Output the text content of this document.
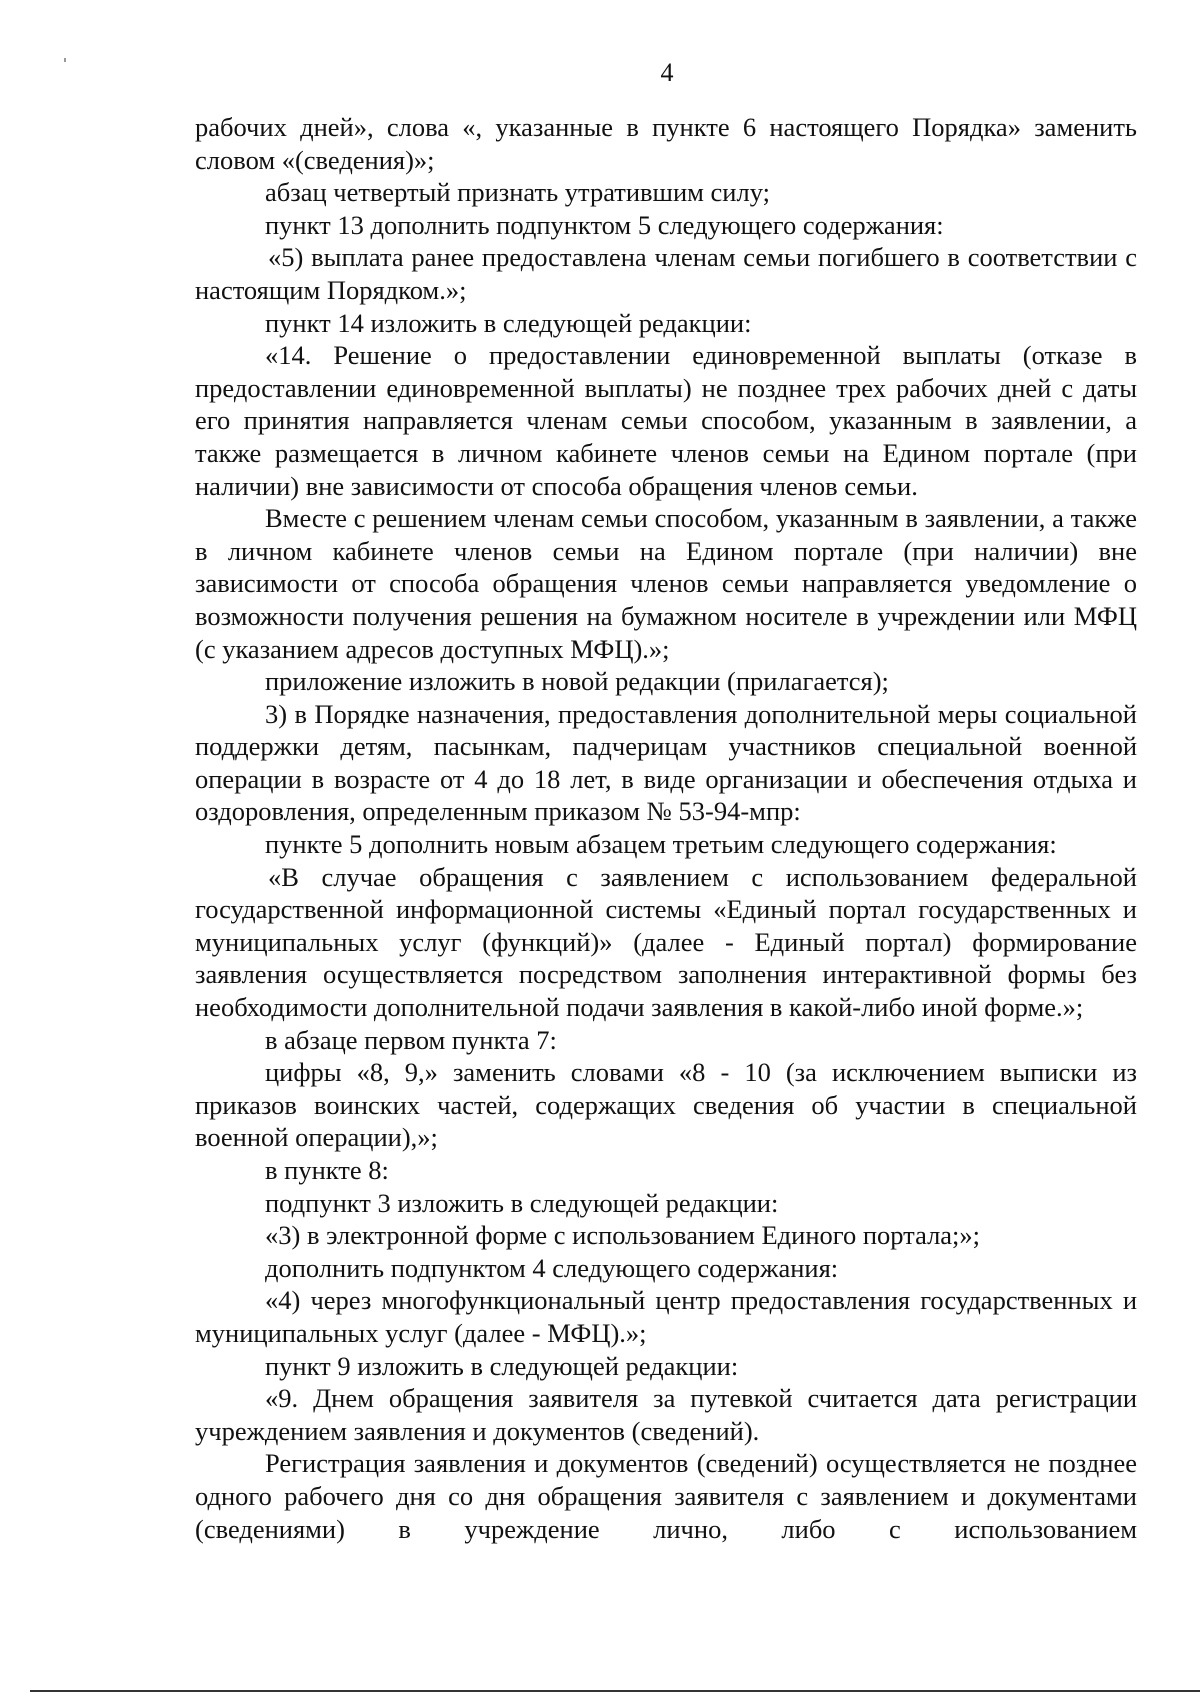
4

рабочих дней», слова «, указанные в пункте 6 настоящего Порядка» заменить словом «(сведения)»;

абзац четвертый признать утратившим силу;

пункт 13 дополнить подпунктом 5 следующего содержания:

«5) выплата ранее предоставлена членам семьи погибшего в соответствии с настоящим Порядком.»;

пункт 14 изложить в следующей редакции:

«14. Решение о предоставлении единовременной выплаты (отказе в предоставлении единовременной выплаты) не позднее трех рабочих дней с даты его принятия направляется членам семьи способом, указанным в заявлении, а также размещается в личном кабинете членов семьи на Едином портале (при наличии) вне зависимости от способа обращения членов семьи.

Вместе с решением членам семьи способом, указанным в заявлении, а также в личном кабинете членов семьи на Едином портале (при наличии) вне зависимости от способа обращения членов семьи направляется уведомление о возможности получения решения на бумажном носителе в учреждении или МФЦ (с указанием адресов доступных МФЦ).»;

приложение изложить в новой редакции (прилагается);

3) в Порядке назначения, предоставления дополнительной меры социальной поддержки детям, пасынкам, падчерицам участников специальной военной операции в возрасте от 4 до 18 лет, в виде организации и обеспечения отдыха и оздоровления, определенным приказом № 53-94-мпр:

пункте 5 дополнить новым абзацем третьим следующего содержания:

«В случае обращения с заявлением с использованием федеральной государственной информационной системы «Единый портал государственных и муниципальных услуг (функций)» (далее - Единый портал) формирование заявления осуществляется посредством заполнения интерактивной формы без необходимости дополнительной подачи заявления в какой-либо иной форме.»;

в абзаце первом пункта 7:

цифры «8, 9,» заменить словами «8 - 10 (за исключением выписки из приказов воинских частей, содержащих сведения об участии в специальной военной операции),»;

в пункте 8:

подпункт 3 изложить в следующей редакции:

«3) в электронной форме с использованием Единого портала;»;

дополнить подпунктом 4 следующего содержания:

«4) через многофункциональный центр предоставления государственных и муниципальных услуг (далее - МФЦ).»;

пункт 9 изложить в следующей редакции:

«9. Днем обращения заявителя за путевкой считается дата регистрации учреждением заявления и документов (сведений).

Регистрация заявления и документов (сведений) осуществляется не позднее одного рабочего дня со дня обращения заявителя с заявлением и документами (сведениями) в учреждение лично, либо с использованием
